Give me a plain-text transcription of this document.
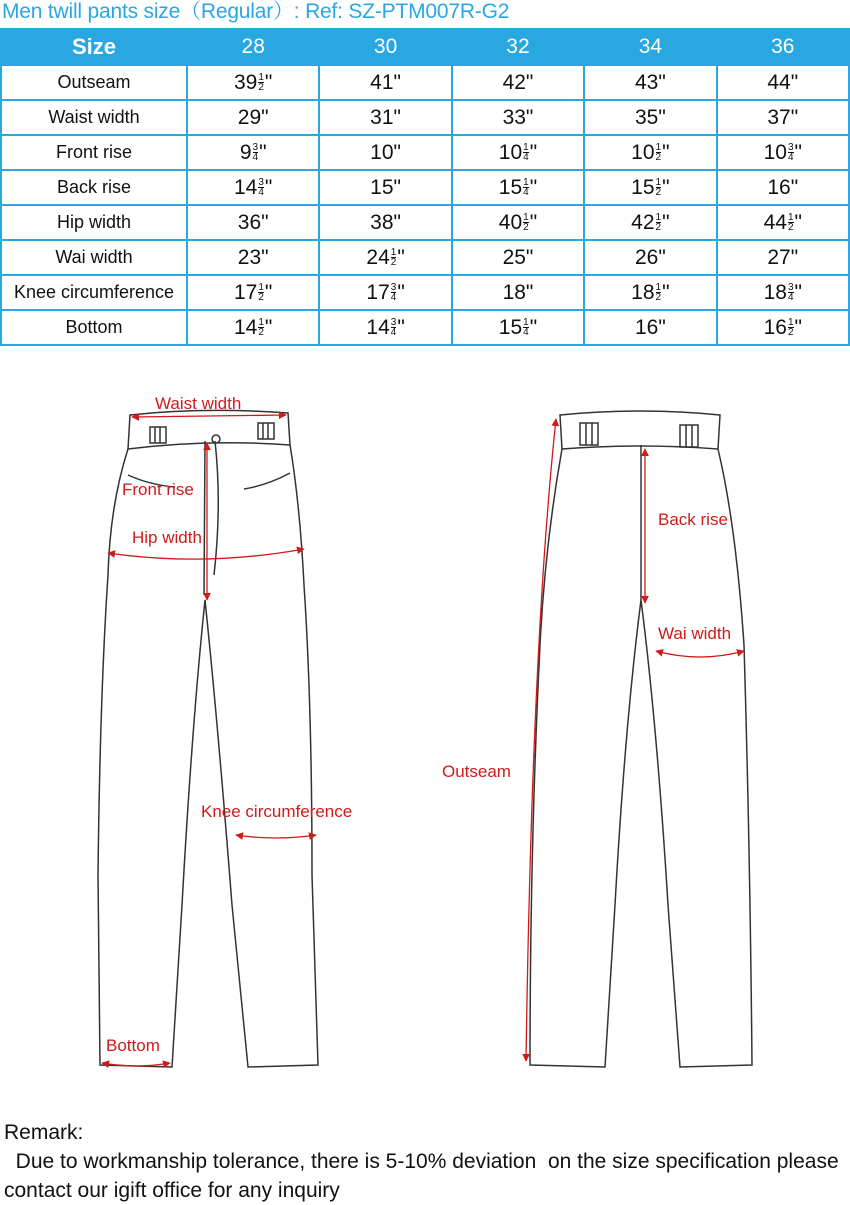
Men twill pants size（Regular）: Ref: SZ-PTM007R-G2
Size	28	30	32	34	36
Outseam	$39 \frac{1}{2}$ "	41"	42"	43"	44"
Waist width	29"	31"	33"	35"	37"
Front rise	$9 \frac{3}{4}$ "	10"	$10 \frac{1}{4}$ "	$10 \frac{1}{2}$ "	$10 \frac{3}{4}$ "
Back rise	$14 \frac{3}{4}$ "	15"	$15 \frac{1}{4}$ "	$15 \frac{1}{2}$ "	16"
Hip width	36"	38"	$40 \frac{1}{2}$ "	$42 \frac{1}{2}$ "	$44 \frac{1}{2}$ "
Wai width	23"	$24 \frac{1}{2}$ "	25"	26"	27"
Knee circumference	$17 \frac{1}{2}$ "	$17 \frac{3}{4}$ "	18"	$18 \frac{1}{2}$ "	$18 \frac{3}{4}$ "
Bottom	$14 \frac{1}{2}$ "	$14 \frac{3}{4}$ "	$15 \frac{1}{4}$ "	16"	$16 \frac{1}{2}$ "
Waist width
Front rise
Hip width
Knee circumference
Bottom
Back rise
Wai width
Outseam

Remark:

Due to workmanship tolerance, there is 5-10% deviation  on the size specification please

contact our igift office for any inquiry
